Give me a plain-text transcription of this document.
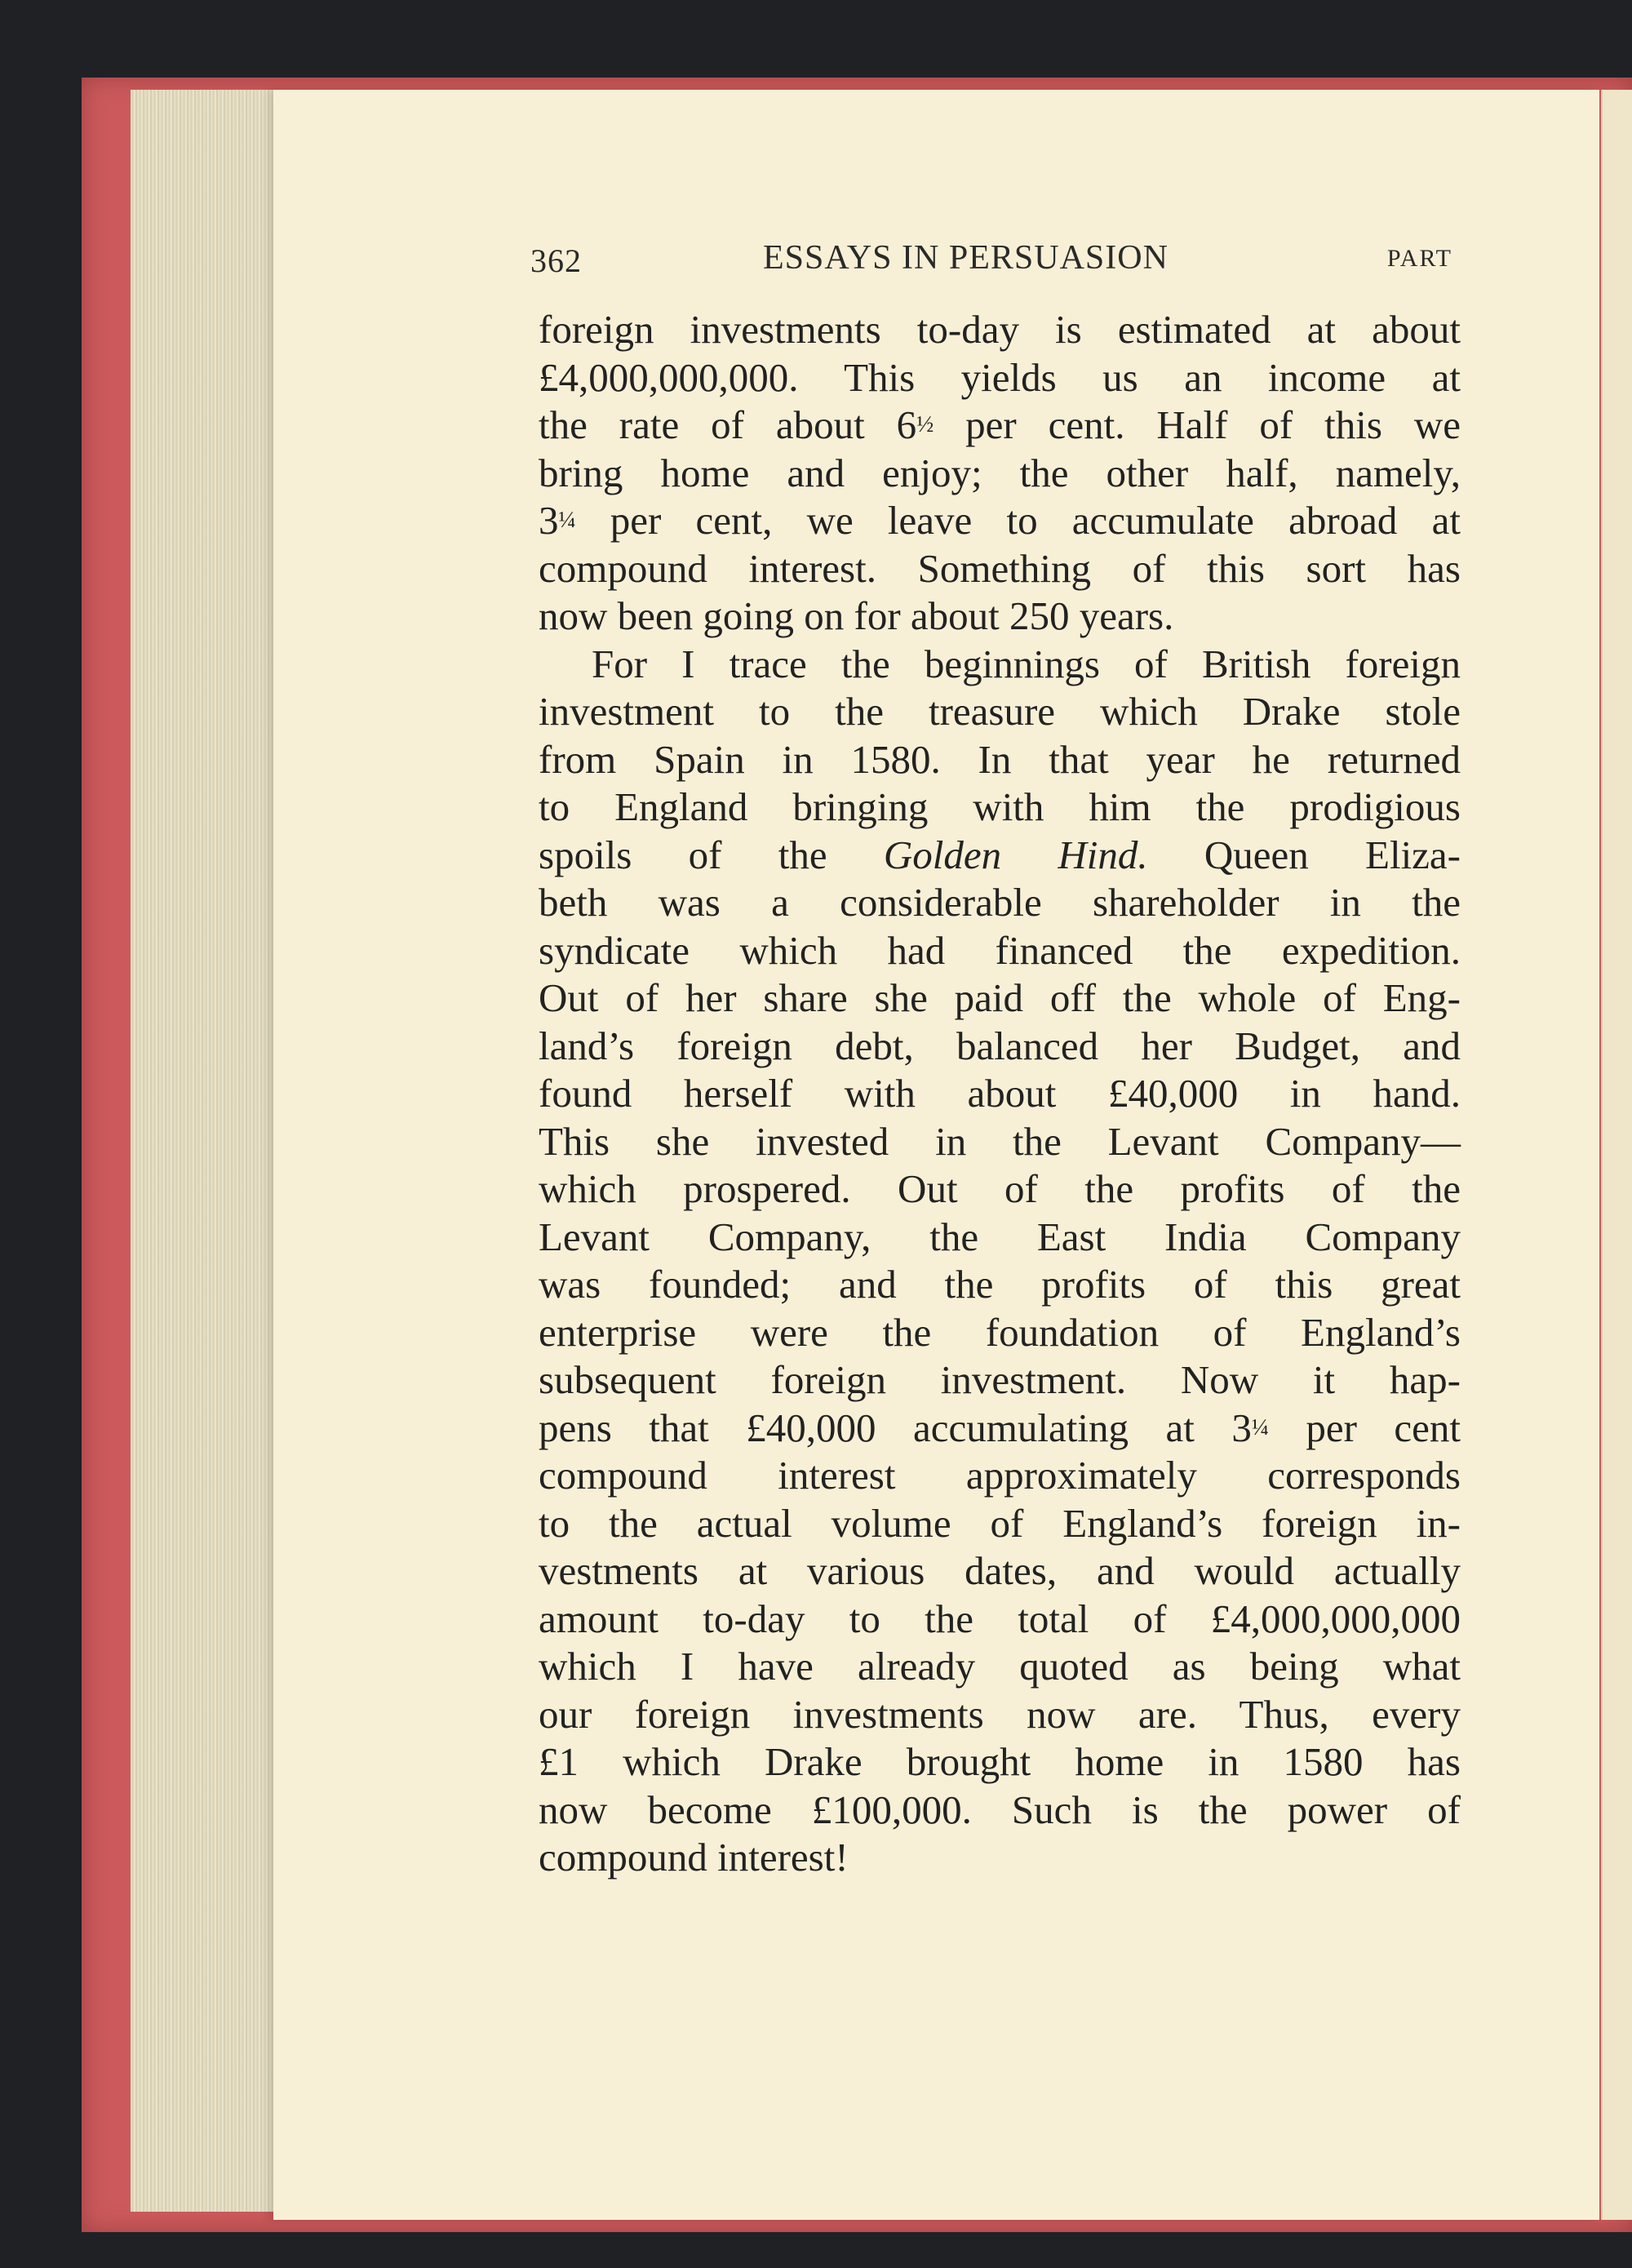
362	ESSAYS IN PERSUASION	PART
foreign investments to-day is estimated at about
£4,000,000,000. This yields us an income at
the rate of about 6½ per cent. Half of this we
bring home and enjoy; the other half, namely,
3¼ per cent, we leave to accumulate abroad at
compound interest. Something of this sort has
now been going on for about 250 years.
For I trace the beginnings of British foreign
investment to the treasure which Drake stole
from Spain in 1580. In that year he returned
to England bringing with him the prodigious
spoils of the Golden Hind. Queen Eliza-
beth was a considerable shareholder in the
syndicate which had financed the expedition.
Out of her share she paid off the whole of Eng-
land’s foreign debt, balanced her Budget, and
found herself with about £40,000 in hand.
This she invested in the Levant Company—
which prospered. Out of the profits of the
Levant Company, the East India Company
was founded; and the profits of this great
enterprise were the foundation of England’s
subsequent foreign investment. Now it hap-
pens that £40,000 accumulating at 3¼ per cent
compound interest approximately corresponds
to the actual volume of England’s foreign in-
vestments at various dates, and would actually
amount to-day to the total of £4,000,000,000
which I have already quoted as being what
our foreign investments now are. Thus, every
£1 which Drake brought home in 1580 has
now become £100,000. Such is the power of
compound interest!
